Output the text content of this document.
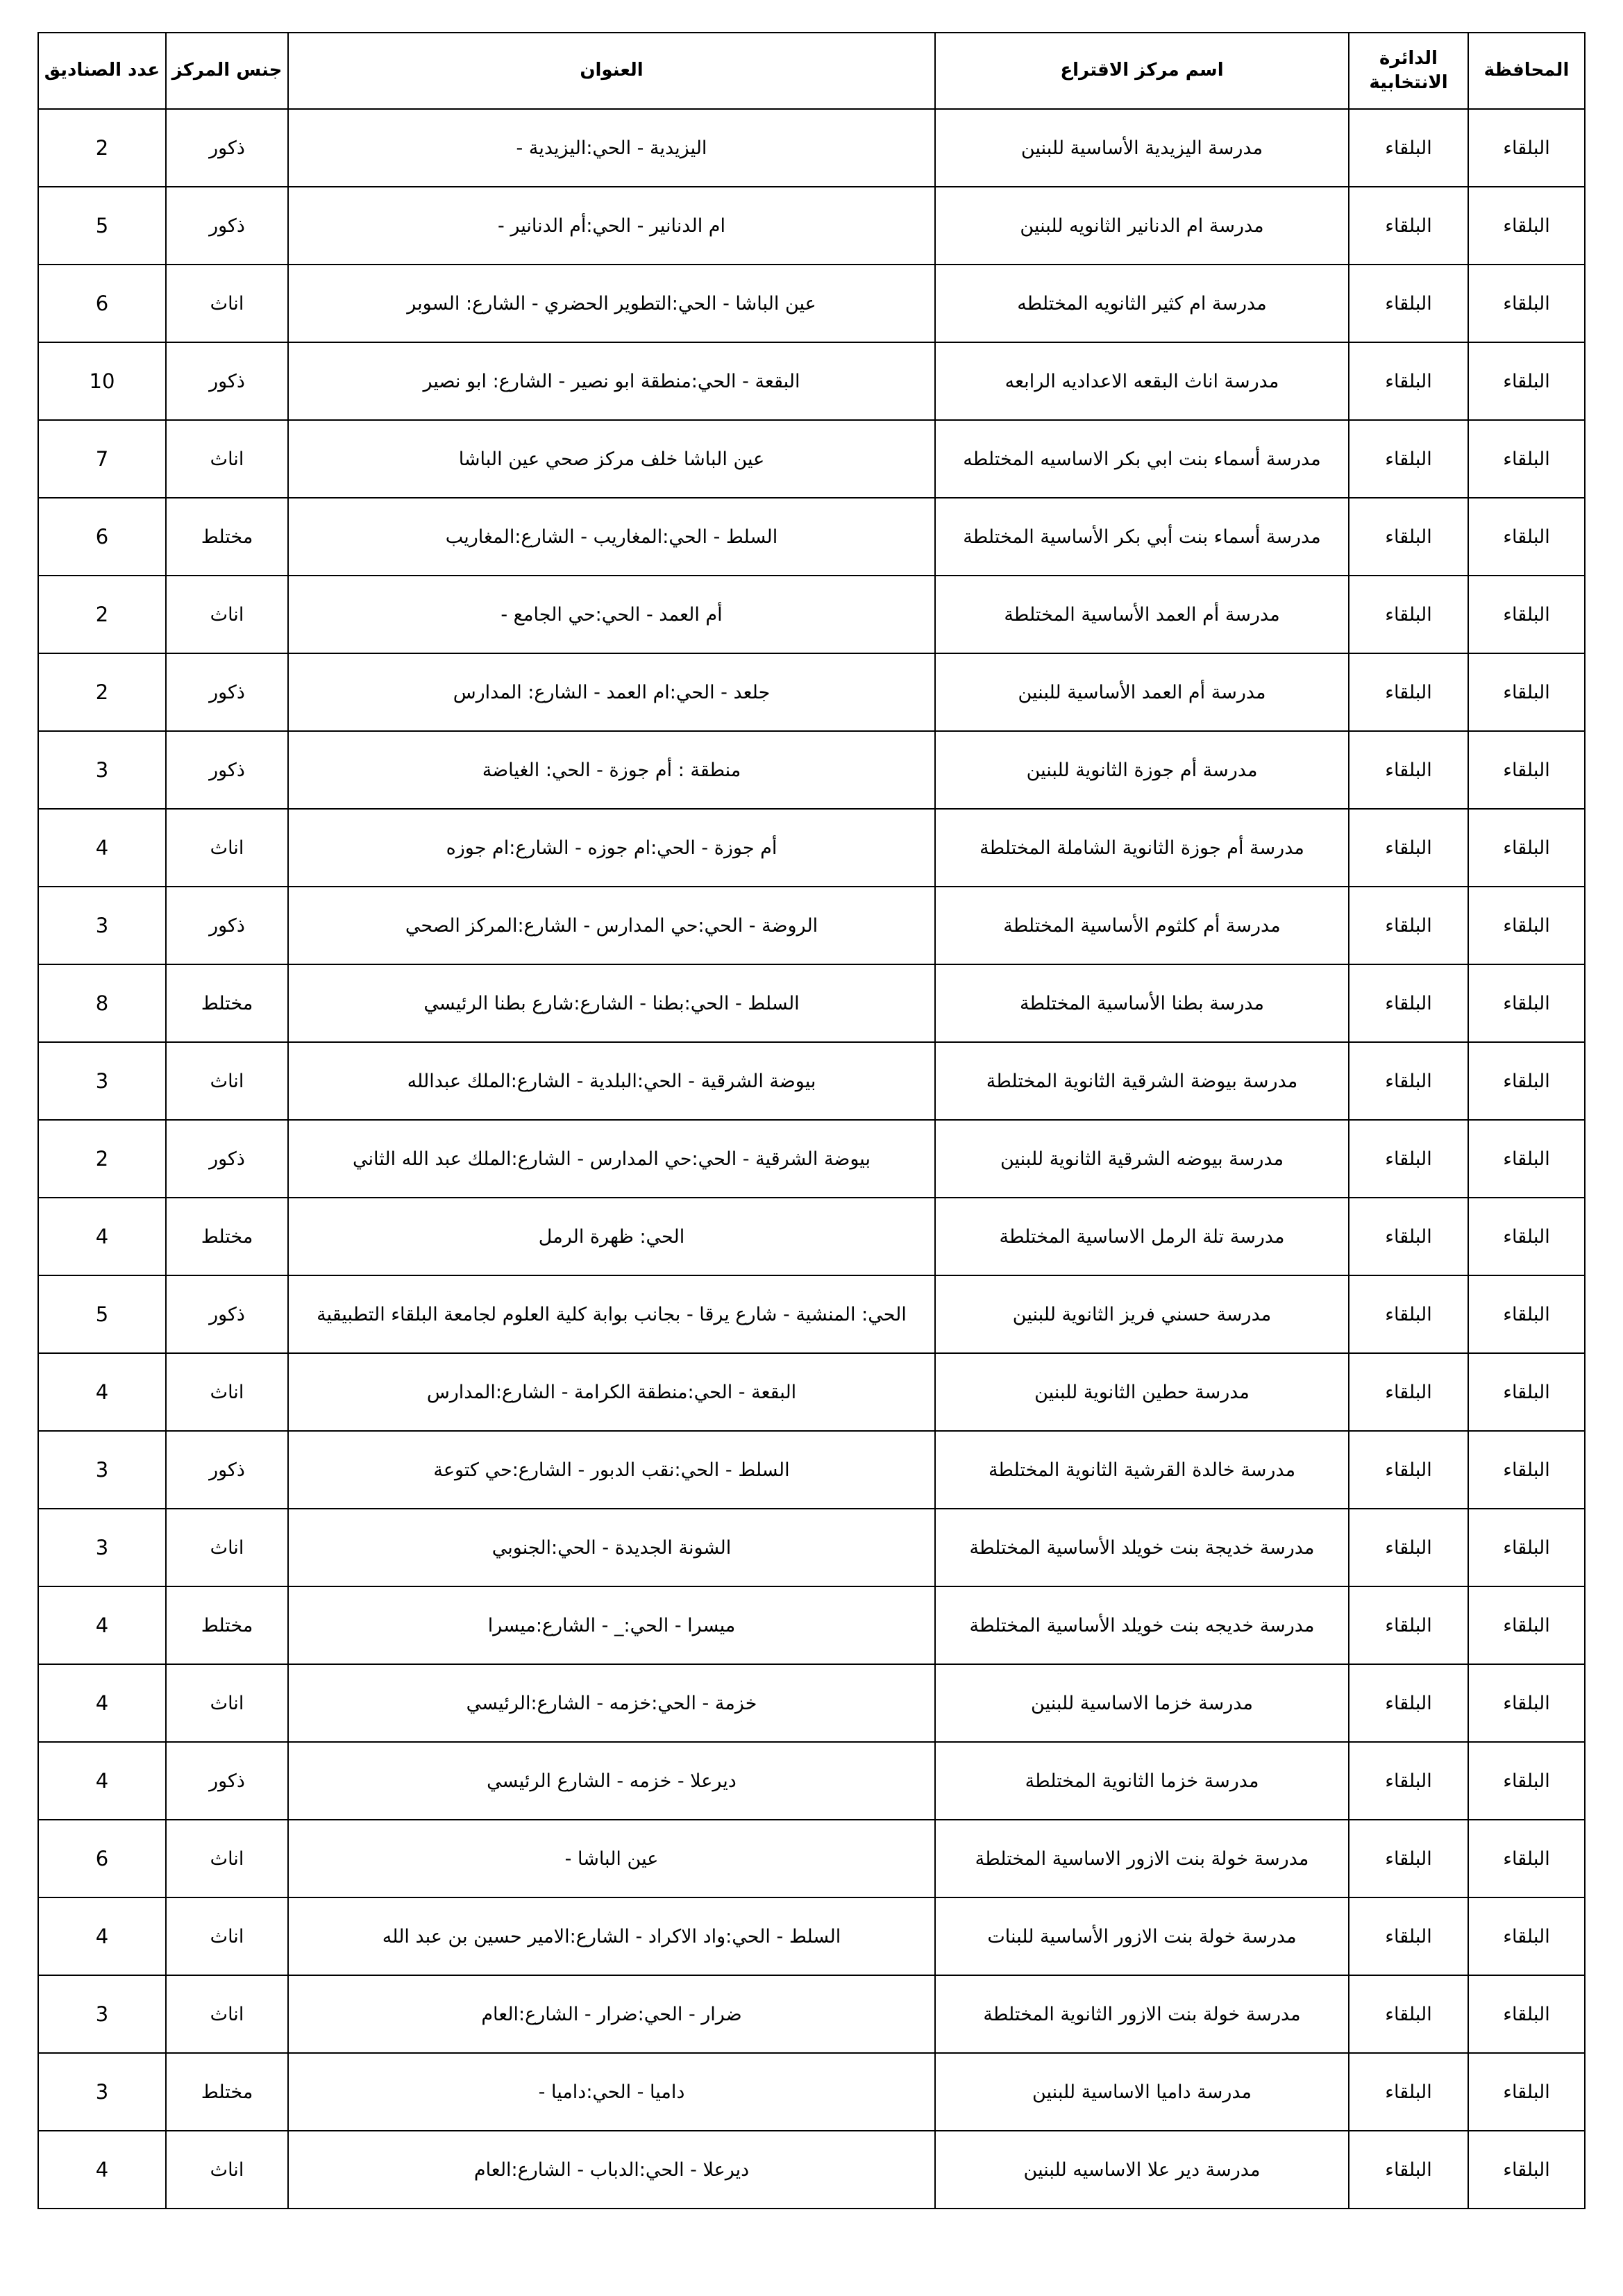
المحافظة	الدائرة الانتخابية	اسم مركز الاقتراع	العنوان	جنس المركز	عدد الصناديق
البلقاء	البلقاء	مدرسة اليزيدية الأساسية للبنين	اليزيدية - الحي:اليزيدية -	ذكور	2
البلقاء	البلقاء	مدرسة ام الدنانير الثانويه للبنين	ام الدنانير - الحي:أم الدنانير -	ذكور	5
البلقاء	البلقاء	مدرسة ام كثير الثانويه المختلطه	عين الباشا - الحي:التطوير الحضري - الشارع: السوبر	اناث	6
البلقاء	البلقاء	مدرسة اناث البقعه الاعداديه الرابعه	البقعة - الحي:منطقة ابو نصير - الشارع: ابو نصير	ذكور	10
البلقاء	البلقاء	مدرسة أسماء بنت ابي بكر الاساسيه المختلطه	عين الباشا خلف مركز صحي عين الباشا	اناث	7
البلقاء	البلقاء	مدرسة أسماء بنت أبي بكر الأساسية المختلطة	السلط - الحي:المغاريب - الشارع:المغاريب	مختلط	6
البلقاء	البلقاء	مدرسة أم العمد الأساسية المختلطة	أم العمد - الحي:حي الجامع -	اناث	2
البلقاء	البلقاء	مدرسة أم العمد الأساسية للبنين	جلعد - الحي:ام العمد - الشارع: المدارس	ذكور	2
البلقاء	البلقاء	مدرسة أم جوزة الثانوية للبنين	منطقة : أم جوزة - الحي: الغياضة	ذكور	3
البلقاء	البلقاء	مدرسة أم جوزة الثانوية الشاملة المختلطة	أم جوزة - الحي:ام جوزه - الشارع:ام جوزه	اناث	4
البلقاء	البلقاء	مدرسة أم كلثوم الأساسية المختلطة	الروضة - الحي:حي المدارس - الشارع:المركز الصحي	ذكور	3
البلقاء	البلقاء	مدرسة بطنا الأساسية المختلطة	السلط - الحي:بطنا - الشارع:شارع بطنا الرئيسي	مختلط	8
البلقاء	البلقاء	مدرسة بيوضة الشرقية الثانوية المختلطة	بيوضة الشرقية - الحي:البلدية - الشارع:الملك عبدالله	اناث	3
البلقاء	البلقاء	مدرسة بيوضه الشرقية الثانوية للبنين	بيوضة الشرقية - الحي:حي المدارس - الشارع:الملك عبد الله الثاني	ذكور	2
البلقاء	البلقاء	مدرسة تلة الرمل الاساسية المختلطة	الحي: ظهرة الرمل	مختلط	4
البلقاء	البلقاء	مدرسة حسني فريز الثانوية للبنين	الحي: المنشية - شارع يرقا - بجانب بوابة كلية العلوم لجامعة البلقاء التطبيقية	ذكور	5
البلقاء	البلقاء	مدرسة حطين الثانوية للبنين	البقعة - الحي:منطقة الكرامة - الشارع:المدارس	اناث	4
البلقاء	البلقاء	مدرسة خالدة القرشية الثانوية المختلطة	السلط - الحي:نقب الدبور - الشارع:حي كتوعة	ذكور	3
البلقاء	البلقاء	مدرسة خديجة بنت خويلد الأساسية المختلطة	الشونة الجديدة - الحي:الجنوبي	اناث	3
البلقاء	البلقاء	مدرسة خديجه بنت خويلد الأساسية المختلطة	ميسرا - الحي:_ - الشارع:ميسرا	مختلط	4
البلقاء	البلقاء	مدرسة خزما الاساسية للبنين	خزمة - الحي:خزمه - الشارع:الرئيسي	اناث	4
البلقاء	البلقاء	مدرسة خزما الثانوية المختلطة	ديرعلا - خزمه - الشارع الرئيسي	ذكور	4
البلقاء	البلقاء	مدرسة خولة بنت الازور الاساسية المختلطة	عين الباشا -	اناث	6
البلقاء	البلقاء	مدرسة خولة بنت الازور الأساسية للبنات	السلط - الحي:واد الاكراد - الشارع:الامير حسين بن عبد الله	اناث	4
البلقاء	البلقاء	مدرسة خولة بنت الازور الثانوية المختلطة	ضرار - الحي:ضرار - الشارع:العام	اناث	3
البلقاء	البلقاء	مدرسة داميا الاساسية للبنين	داميا - الحي:داميا -	مختلط	3
البلقاء	البلقاء	مدرسة دير علا الاساسيه للبنين	ديرعلا - الحي:الدباب - الشارع:العام	اناث	4
